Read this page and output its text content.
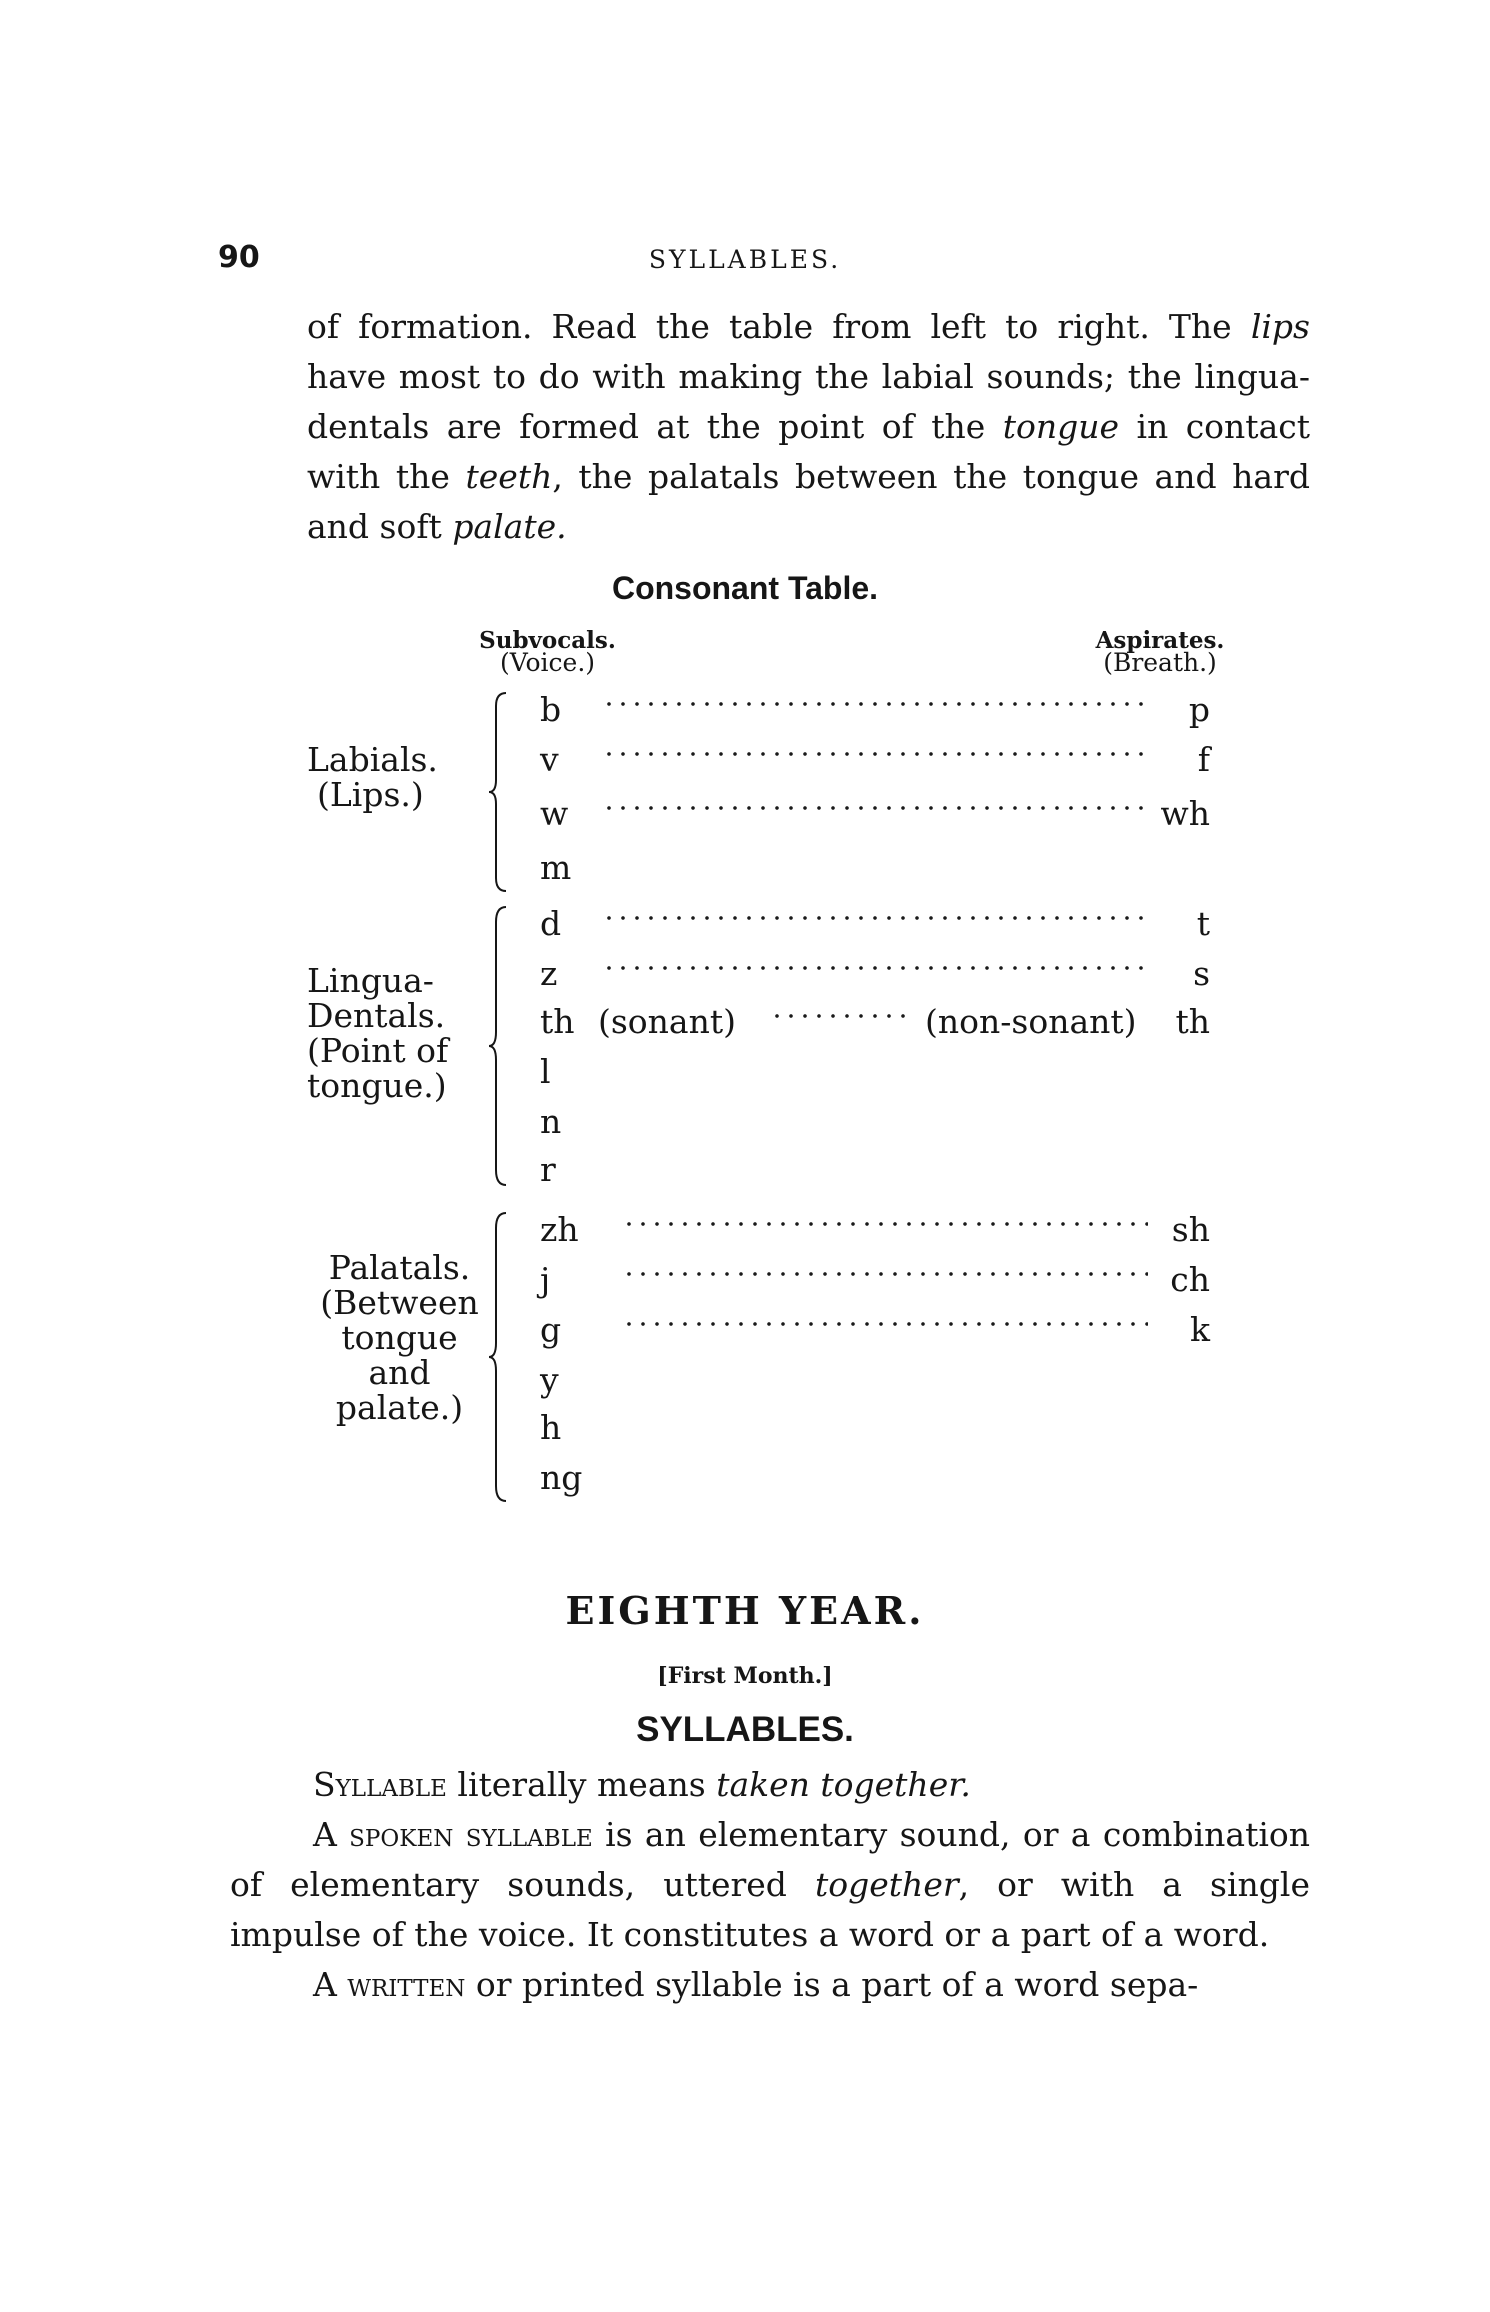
90	SYLLABLES.
of formation. Read the table from left to right. The lips have most to do with making the labial sounds; the lingua-dentals are formed at the point of the tongue in contact with the teeth, the palatals between the tongue and hard and soft palate.
Consonant Table.
Subvocals.
(Voice.)
Aspirates.
(Breath.)
Labials.
(Lips.)
b	p
v	f
w	wh
m
Lingua-
Dentals.
(Point of
tongue.)
d	t
z	s
th (sonant)	(non-sonant) th
l
n
r
Palatals.
(Between
tongue
and
palate.)
zh	sh
j	ch
g	k
y
h
ng
EIGHTH YEAR.
[First Month.]
SYLLABLES.
Syllable literally means taken together.
A spoken syllable is an elementary sound, or a combination of elementary sounds, uttered together, or with a single impulse of the voice. It constitutes a word or a part of a word.
A written or printed syllable is a part of a word sepa-
